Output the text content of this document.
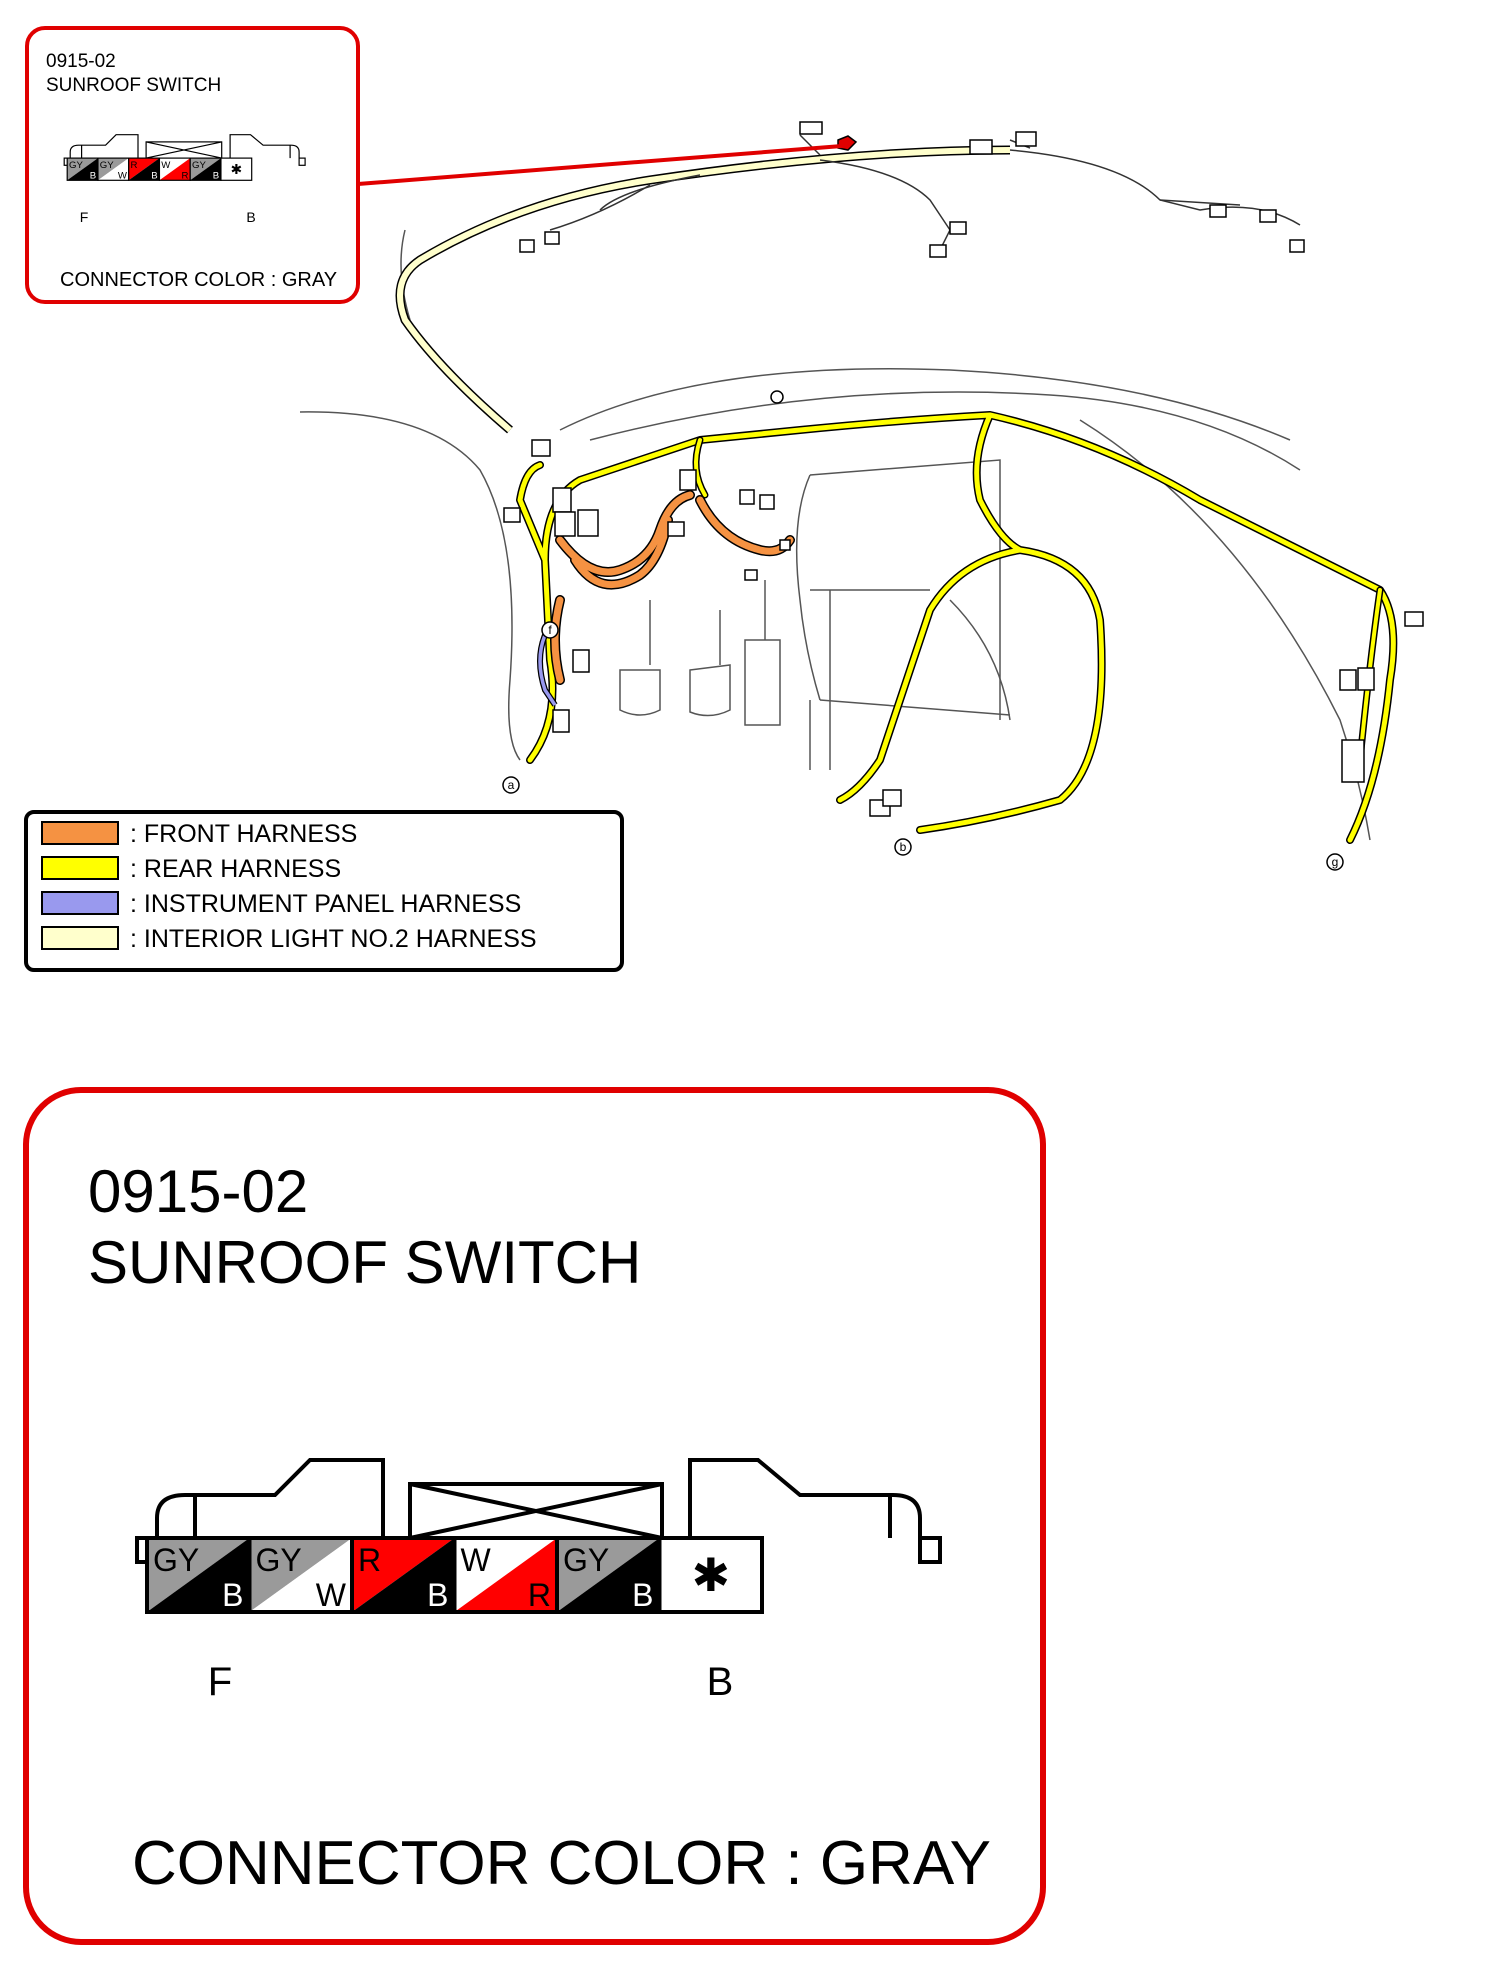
a
b
f
g
0915-02
SUNROOF SWITCH
GY
B
GY
W
R
B
W
R
GY
B ✱
F	B
CONNECTOR COLOR : GRAY
: FRONT HARNESS
: REAR HARNESS
: INSTRUMENT PANEL HARNESS
: INTERIOR LIGHT NO.2 HARNESS
0915-02
SUNROOF SWITCH
GY
B
GY
W
R
B
W
R
GY
B ✱
F	B
CONNECTOR COLOR : GRAY
